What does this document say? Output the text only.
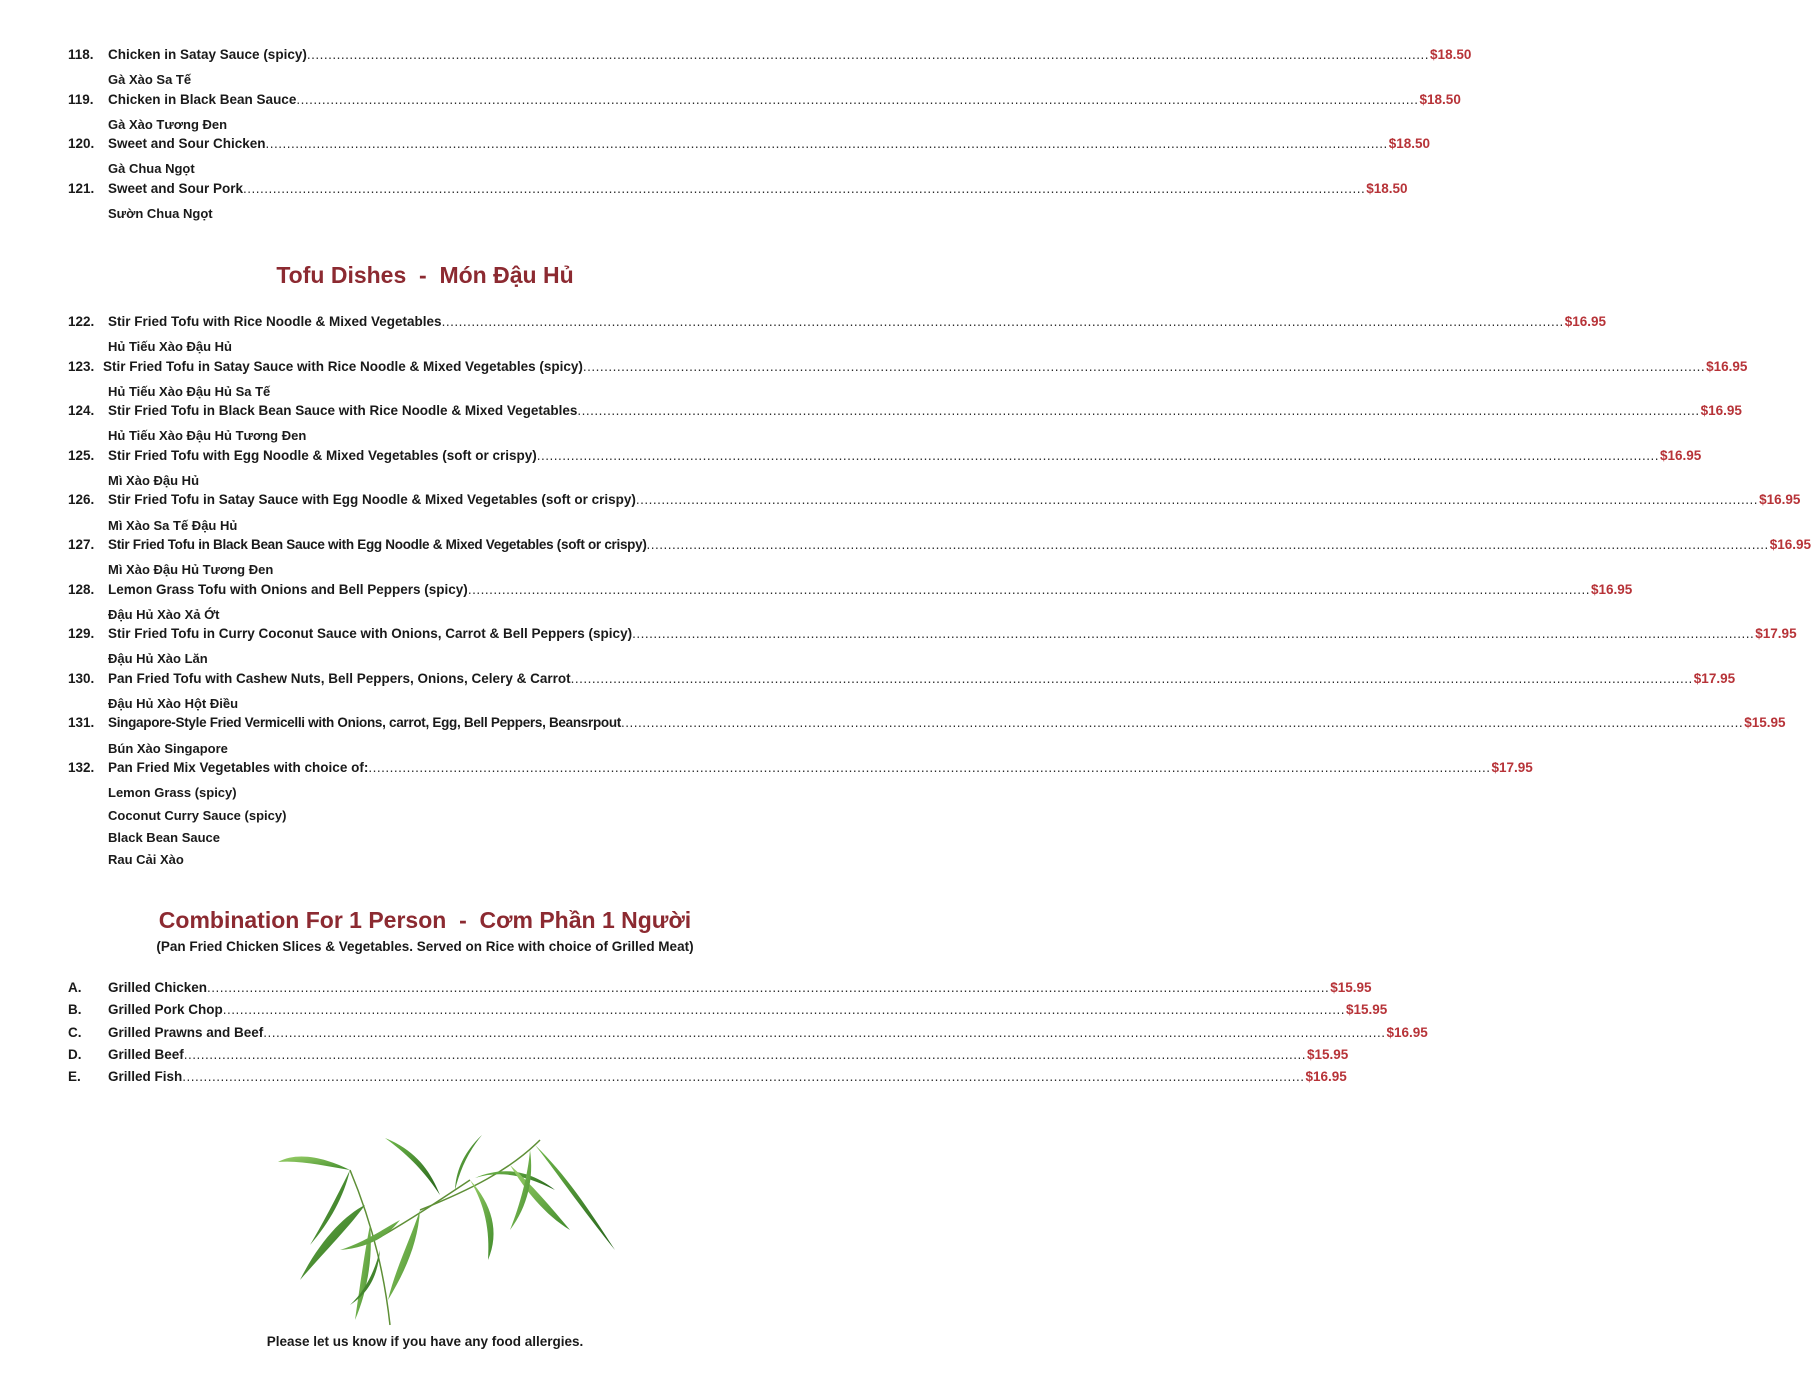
118.	Chicken in Satay Sauce (spicy) .....	$18.50
Gà Xào Sa Tế
119.	Chicken in Black Bean Sauce .....	$18.50
Gà Xào Tương Đen
120.	Sweet and Sour Chicken .....	$18.50
Gà Chua Ngọt
121.	Sweet and Sour Pork .....	$18.50
Sườn Chua Ngọt
Tofu Dishes  -  Món Đậu Hủ
122.	Stir Fried Tofu with Rice Noodle & Mixed Vegetables .....	$16.95
Hủ Tiếu Xào Đậu Hủ
123. Stir Fried Tofu in Satay Sauce with Rice Noodle & Mixed Vegetables (spicy) .....	$16.95
Hủ Tiếu Xào Đậu Hủ Sa Tế
124.	Stir Fried Tofu in Black Bean Sauce with Rice Noodle & Mixed Vegetables .....	$16.95
Hủ Tiếu Xào Đậu Hủ Tương Đen
125.	Stir Fried Tofu with Egg Noodle & Mixed Vegetables (soft or crispy) .....	$16.95
Mì Xào Đậu Hủ
126.	Stir Fried Tofu in Satay Sauce with Egg Noodle & Mixed Vegetables (soft or crispy) .....	$16.95
Mì Xào Sa Tế Đậu Hủ
127.	Stir Fried Tofu in Black Bean Sauce with Egg Noodle & Mixed Vegetables (soft or crispy) .....	$16.95
Mì Xào Đậu Hủ Tương Đen
128.	Lemon Grass Tofu with Onions and Bell Peppers (spicy) .....	$16.95
Đậu Hủ Xào Xả Ớt
129.	Stir Fried Tofu in Curry Coconut Sauce with Onions, Carrot & Bell Peppers (spicy) .....	$17.95
Đậu Hủ Xào Lăn
130.	Pan Fried Tofu with Cashew Nuts, Bell Peppers, Onions, Celery & Carrot .....	$17.95
Đậu Hủ Xào Hột Điều
131.	Singapore-Style Fried Vermicelli with Onions, carrot, Egg, Bell Peppers, Beansrpout .....	$15.95
Bún Xào Singapore
132.	Pan Fried Mix Vegetables with choice of: .....	$17.95
Lemon Grass (spicy)
Coconut Curry Sauce (spicy)
Black Bean Sauce
Rau Cải Xào
Combination For 1 Person  -  Cơm Phần 1 Người
(Pan Fried Chicken Slices & Vegetables. Served on Rice with choice of Grilled Meat)
A.	Grilled Chicken .....	$15.95
B.	Grilled Pork Chop .....	$15.95
C.	Grilled Prawns and Beef .....	$16.95
D.	Grilled Beef .....	$15.95
E.	Grilled Fish .....	$16.95
Please let us know if you have any food allergies.
